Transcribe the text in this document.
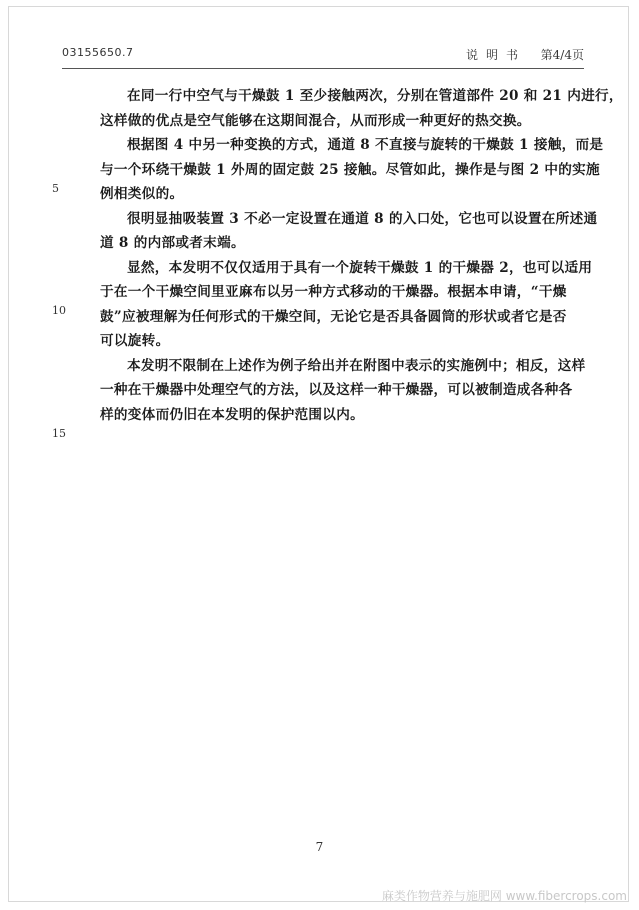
03155650.7	说明书 第4/4页
5
10
15
在同一行中空气与干燥鼓 1 至少接触两次，分别在管道部件 20 和 21 内进行，
这样做的优点是空气能够在这期间混合，从而形成一种更好的热交换。
根据图 4 中另一种变换的方式，通道 8 不直接与旋转的干燥鼓 1 接触，而是
与一个环绕干燥鼓 1 外周的固定鼓 25 接触。尽管如此，操作是与图 2 中的实施
例相类似的。
很明显抽吸装置 3 不必一定设置在通道 8 的入口处，它也可以设置在所述通
道 8 的内部或者末端。
显然，本发明不仅仅适用于具有一个旋转干燥鼓 1 的干燥器 2，也可以适用
于在一个干燥空间里亚麻布以另一种方式移动的干燥器。根据本申请，“干燥
鼓”应被理解为任何形式的干燥空间，无论它是否具备圆筒的形状或者它是否
可以旋转。
本发明不限制在上述作为例子给出并在附图中表示的实施例中；相反，这样
一种在干燥器中处理空气的方法，以及这样一种干燥器，可以被制造成各种各
样的变体而仍旧在本发明的保护范围以内。
7
麻类作物营养与施肥网 www.fibercrops.com
